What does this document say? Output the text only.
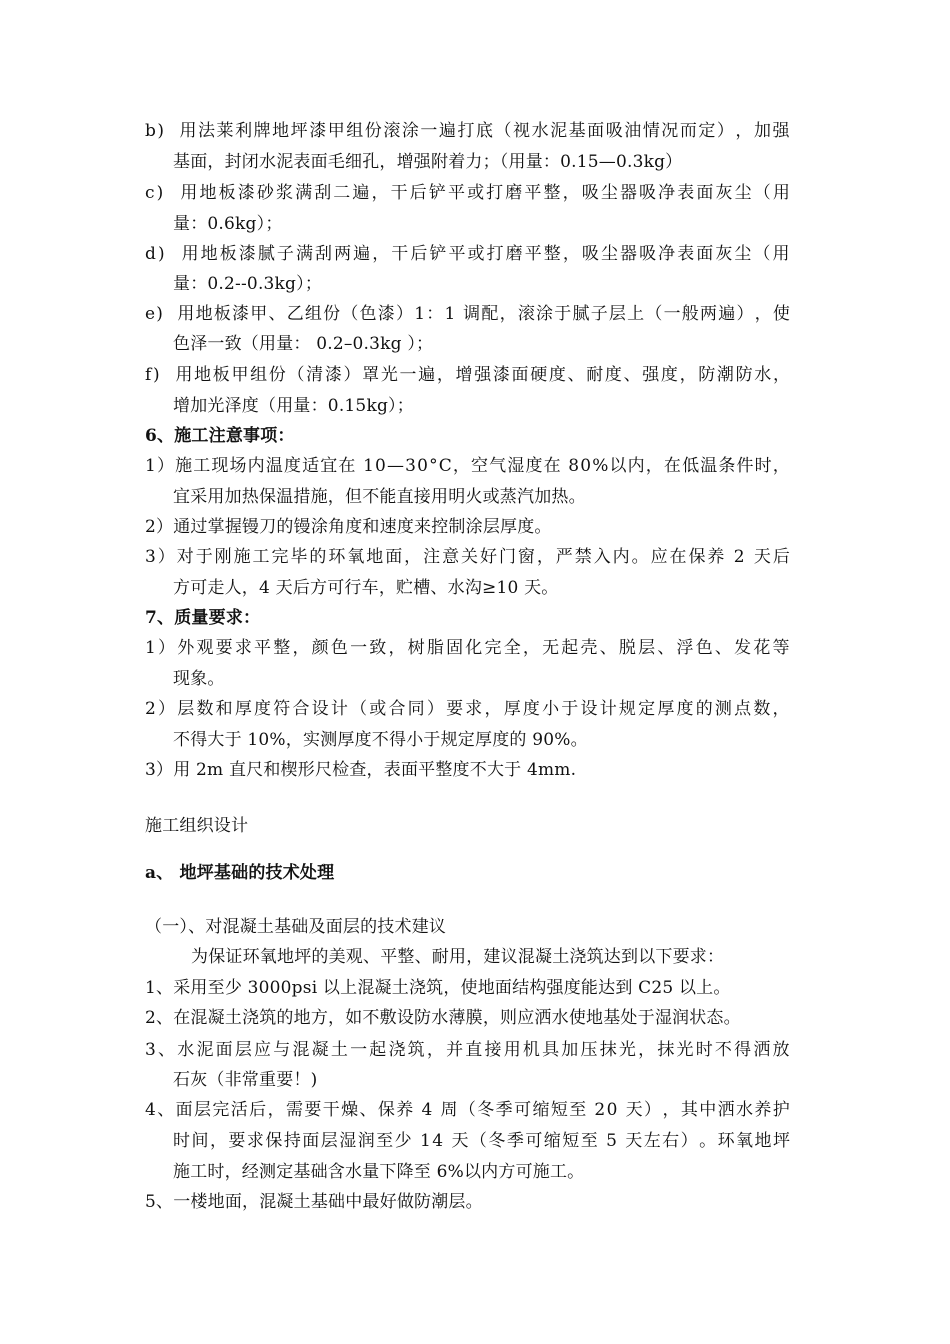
b )

用 法 莱 利 牌 地 坪 漆 甲 组 份 滚 涂 一 遍 打 底 （ 视 水 泥 基 面 吸 油 情 况 而 定 ） ， 加 强
基面，封闭水泥表面毛细孔，增强附着力；（用量：0.15—0.3kg）
c )

用 地 板 漆 砂 浆 满 刮 二 遍 ， 干 后 铲 平 或 打 磨 平 整 ， 吸 尘 器 吸 净 表 面 灰 尘 （ 用
量：0.6kg）；
d )

用 地 板 漆 腻 子 满 刮 两 遍 ， 干 后 铲 平 或 打 磨 平 整 ， 吸 尘 器 吸 净 表 面 灰 尘 （ 用
量：0.2--0.3kg）；
e )

用 地 板 漆 甲 、 乙 组 份 （ 色 漆 ） 1 ： 1
调 配 ， 滚 涂 于 腻 子 层 上 （ 一 般 两 遍 ） ， 使
色泽一致（用量： 0.2–0.3kg ）；
f )

用 地 板 甲 组 份 （ 清 漆 ） 罩 光 一 遍 ， 增 强 漆 面 硬 度 、 耐 度 、 强 度 ， 防 潮 防 水 ，
增加光泽度（用量：0.15kg）；
6、施工注意事项：
1 ） 施 工 现 场 内 温 度 适 宜 在
1 0 — 3 0 ° C ， 空 气 湿 度 在
8 0 % 以 内 ， 在 低 温 条 件 时 ，
宜采用加热保温措施，但不能直接用明火或蒸汽加热。
2）通过掌握镘刀的镘涂角度和速度来控制涂层厚度。
3 ） 对 于 刚 施 工 完 毕 的 环 氧 地 面 ， 注 意 关 好 门 窗 ， 严 禁 入 内 。 应 在 保 养
2
天 后
方可走人，4 天后方可行车，贮槽、水沟≥10 天。
7、质量要求：
1 ） 外 观 要 求 平 整 ， 颜 色 一 致 ， 树 脂 固 化 完 全 ， 无 起 壳 、 脱 层 、 浮 色 、 发 花 等
现象。
2 ） 层 数 和 厚 度 符 合 设 计 （ 或 合 同 ） 要 求 ， 厚 度 小 于 设 计 规 定 厚 度 的 测 点 数 ，
不得大于 10%，实测厚度不得小于规定厚度的 90%。
3）用 2m 直尺和楔形尺检查，表面平整度不大于 4mm.
施工组织设计
a、 地坪基础的技术处理
（一）、对混凝土基础及面层的技术建议
为保证环氧地坪的美观、平整、耐用，建议混凝土浇筑达到以下要求：
1、采用至少 3000psi 以上混凝土浇筑，使地面结构强度能达到 C25 以上。
2、在混凝土浇筑的地方，如不敷设防水薄膜，则应洒水使地基处于湿润状态。
3 、 水 泥 面 层 应 与 混 凝 土 一 起 浇 筑 ， 并 直 接 用 机 具 加 压 抹 光 ， 抹 光 时 不 得 洒 放
石灰（非常重要！)
4 、 面 层 完 活 后 ， 需 要 干 燥 、 保 养
4
周 （ 冬 季 可 缩 短 至
2 0
天 ） ， 其 中 洒 水 养 护
时 间 ， 要 求 保 持 面 层 湿 润 至 少
1 4
天 （ 冬 季 可 缩 短 至
5
天 左 右 ） 。 环 氧 地 坪
施工时，经测定基础含水量下降至 6%以内方可施工。
5、一楼地面，混凝土基础中最好做防潮层。
